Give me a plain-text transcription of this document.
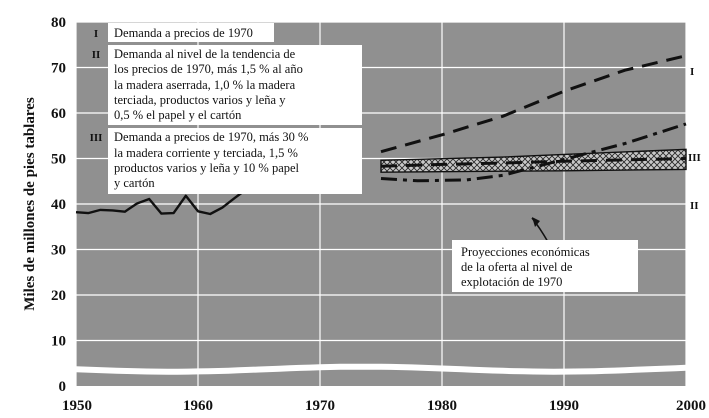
0
10
20
30
40
50
60
70
80
1950	1960	1970	1980	1990	2000
Miles de millones de pies tablares
I Demanda a precios de 1970
II Demanda al nivel de la tendencia de
los precios de 1970, más 1,5 % al año
la madera aserrada, 1,0 % la madera
terciada, productos varios y leña y
0,5 % el papel y el cartón
III Demanda a precios de 1970, más 30 %
la madera corriente y terciada, 1,5 %
productos varios y leña y 10 % papel
y cartón
Proyecciones económicas
de la oferta al nivel de
explotación de 1970
I
III
II
